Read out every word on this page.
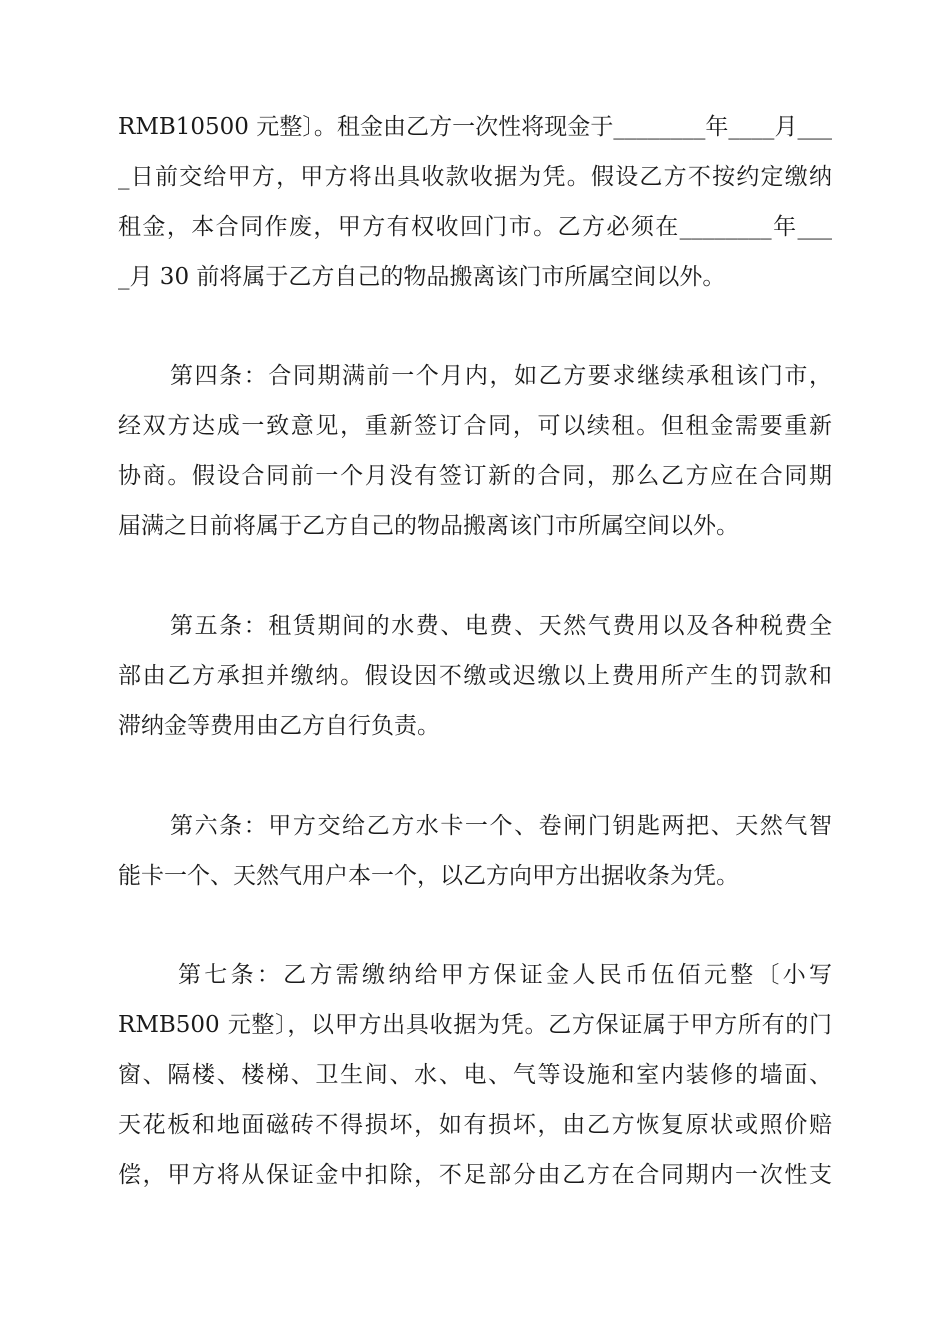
RMB10500 元整〕。租金由乙方一次性将现金于________年____月___
_日前交给甲方，甲方将出具收款收据为凭。假设乙方不按约定缴纳
租金，本合同作废，甲方有权收回门市。乙方必须在________年___
_月 30 前将属于乙方自己的物品搬离该门市所属空间以外。
第四条：合同期满前一个月内，如乙方要求继续承租该门市，
经双方达成一致意见，重新签订合同，可以续租。但租金需要重新
协商。假设合同前一个月没有签订新的合同，那么乙方应在合同期
届满之日前将属于乙方自己的物品搬离该门市所属空间以外。
第五条：租赁期间的水费、电费、天然气费用以及各种税费全
部由乙方承担并缴纳。假设因不缴或迟缴以上费用所产生的罚款和
滞纳金等费用由乙方自行负责。
第六条：甲方交给乙方水卡一个、卷闸门钥匙两把、天然气智
能卡一个、天然气用户本一个，以乙方向甲方出据收条为凭。
第七条：乙方需缴纳给甲方保证金人民币伍佰元整〔小写
RMB500 元整〕，以甲方出具收据为凭。乙方保证属于甲方所有的门
窗、隔楼、楼梯、卫生间、水、电、气等设施和室内装修的墙面、
天花板和地面磁砖不得损坏，如有损坏，由乙方恢复原状或照价赔
偿，甲方将从保证金中扣除，不足部分由乙方在合同期内一次性支
